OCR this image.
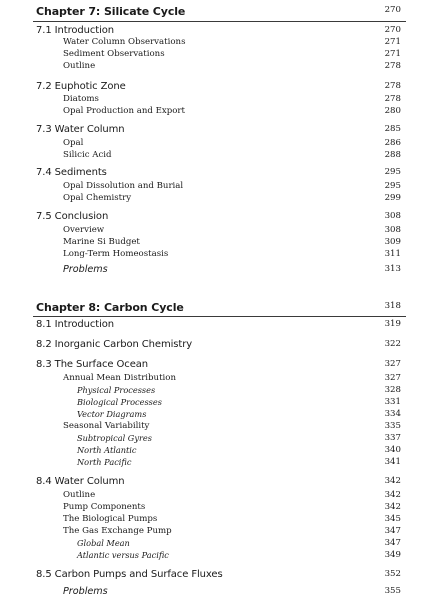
Chapter 7: Silicate Cycle	270
7.1 Introduction	270
Water Column Observations	271
Sediment Observations	271
Outline	278
7.2 Euphotic Zone	278
Diatoms	278
Opal Production and Export	280
7.3 Water Column	285
Opal	286
Silicic Acid	288
7.4 Sediments	295
Opal Dissolution and Burial	295
Opal Chemistry	299
7.5 Conclusion	308
Overview	308
Marine Si Budget	309
Long-Term Homeostasis	311
Problems	313
Chapter 8: Carbon Cycle	318
8.1 Introduction	319
8.2 Inorganic Carbon Chemistry	322
8.3 The Surface Ocean	327
Annual Mean Distribution	327
Physical Processes	328
Biological Processes	331
Vector Diagrams	334
Seasonal Variability	335
Subtropical Gyres	337
North Atlantic	340
North Pacific	341
8.4 Water Column	342
Outline	342
Pump Components	342
The Biological Pumps	345
The Gas Exchange Pump	347
Global Mean	347
Atlantic versus Pacific	349
8.5 Carbon Pumps and Surface Fluxes	352
Problems	355
